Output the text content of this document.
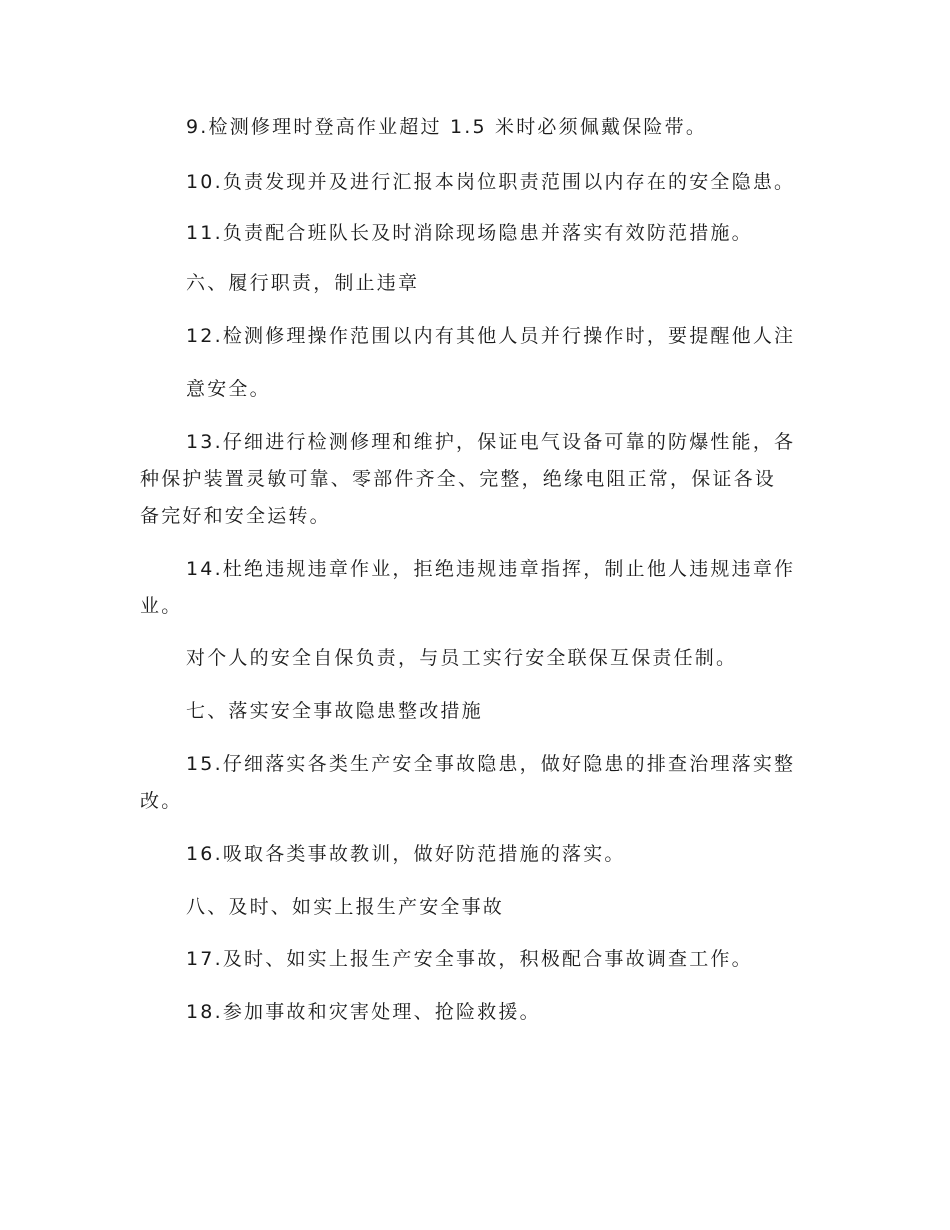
9.检测修理时登高作业超过 1.5 米时必须佩戴保险带。
10.负责发现并及进行汇报本岗位职责范围以内存在的安全隐患。
11.负责配合班队长及时消除现场隐患并落实有效防范措施。
六、履行职责，制止违章
12.检测修理操作范围以内有其他人员并行操作时，要提醒他人注
意安全。
13.仔细进行检测修理和维护，保证电气设备可靠的防爆性能，各
种保护装置灵敏可靠、零部件齐全、完整，绝缘电阻正常，保证各设
备完好和安全运转。
14.杜绝违规违章作业，拒绝违规违章指挥，制止他人违规违章作
业。
对个人的安全自保负责，与员工实行安全联保互保责任制。
七、落实安全事故隐患整改措施
15.仔细落实各类生产安全事故隐患，做好隐患的排查治理落实整
改。
16.吸取各类事故教训，做好防范措施的落实。
八、及时、如实上报生产安全事故
17.及时、如实上报生产安全事故，积极配合事故调查工作。
18.参加事故和灾害处理、抢险救援。
